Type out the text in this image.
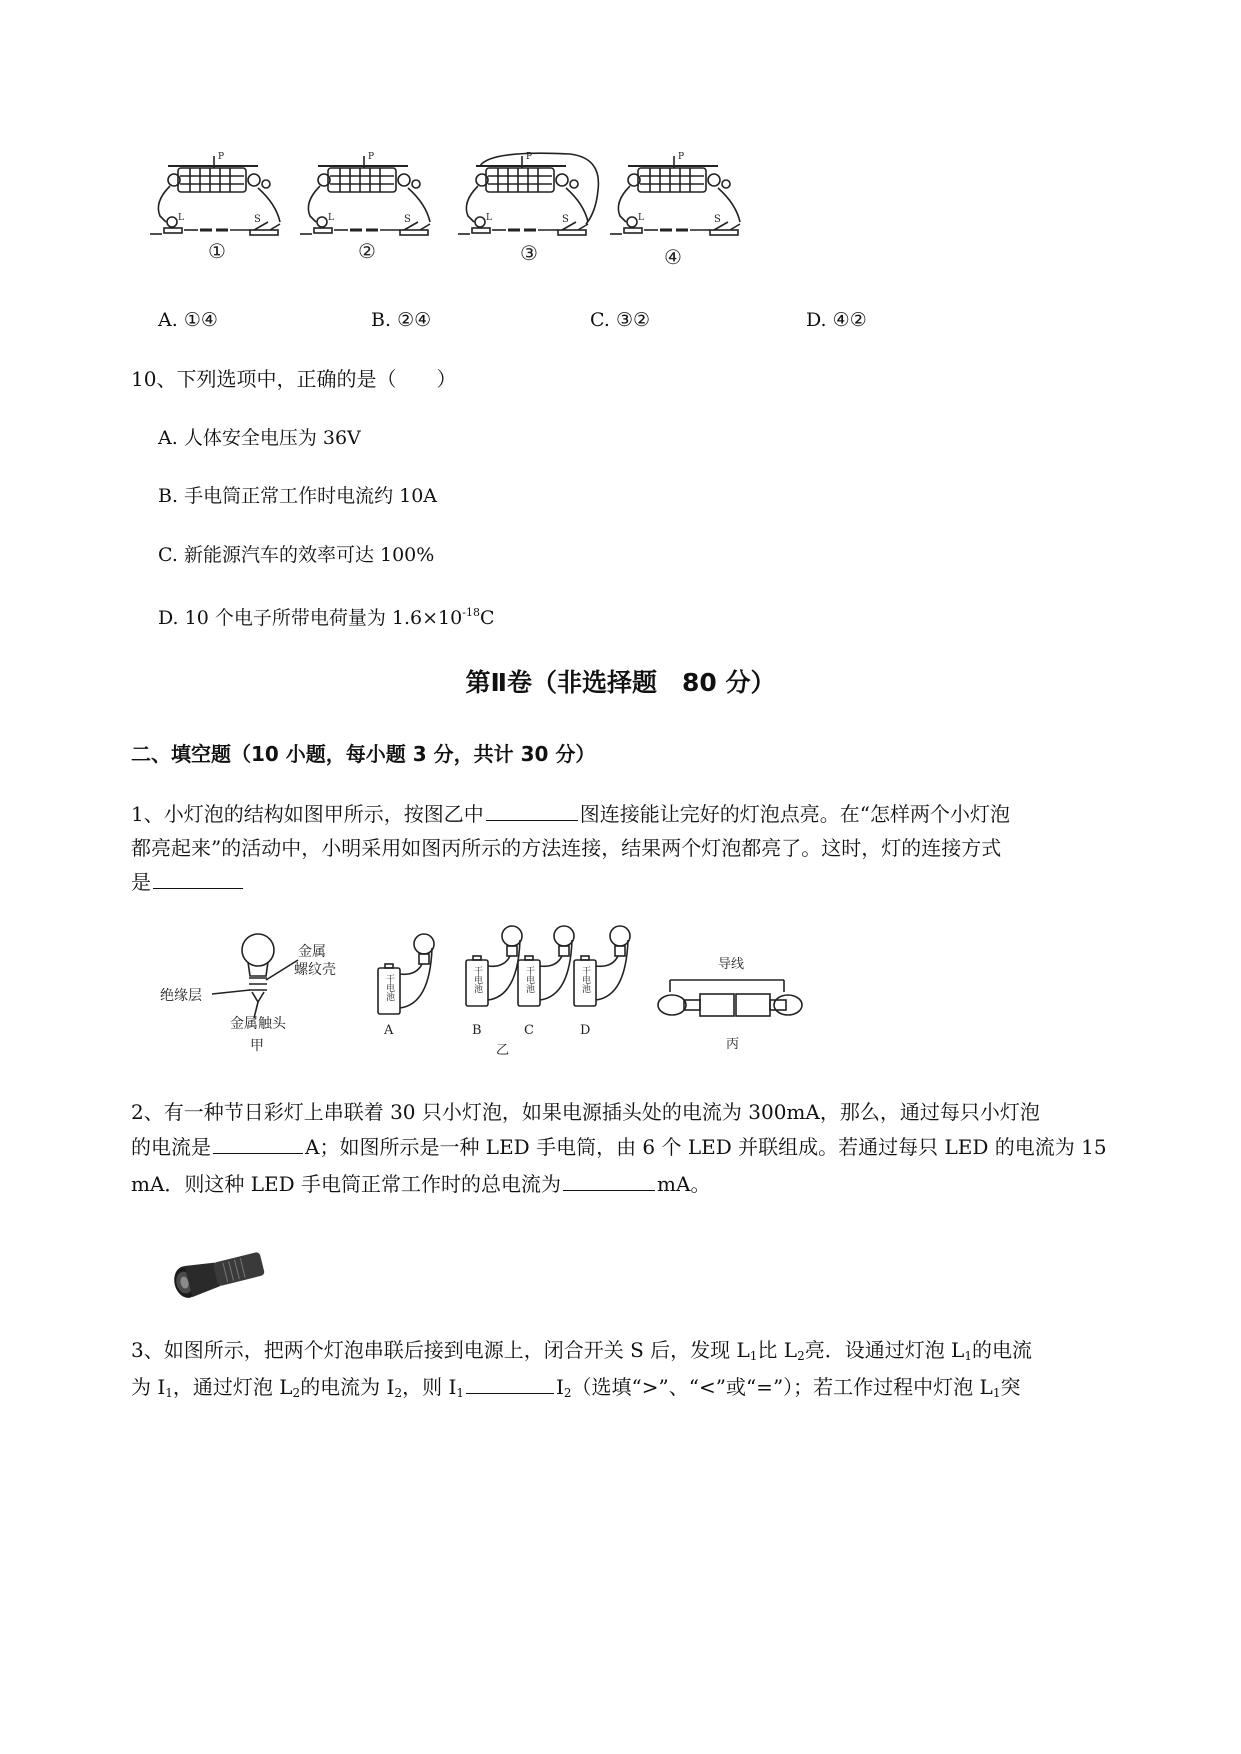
P
L	S
①	②	③	④
A. ①④	B. ②④	C. ③②	D. ④②
10、下列选项中，正确的是（　　）
A. 人体安全电压为 36V
B. 手电筒正常工作时电流约 10A
C. 新能源汽车的效率可达 100%
D. 10 个电子所带电荷量为 $1.6\times 10^{-18}C$
第Ⅱ卷（非选择题　80 分）
二、填空题（10 小题，每小题 3 分，共计 30 分）
1、小灯泡的结构如图甲所示，按图乙中	图连接能让完好的灯泡点亮。在“怎样两个小灯泡
都亮起来”的活动中，小明采用如图丙所示的方法连接，结果两个灯泡都亮了。这时，灯的连接方式
是
金属
螺纹壳
绝缘层
金属触头
甲
干电池	干电池	干电池	干电池
A	B	C	D
乙
导线
丙
2、有一种节日彩灯上串联着 30 只小灯泡，如果电源插头处的电流为 300mA，那么，通过每只小灯泡
的电流是	A；如图所示是一种 LED 手电筒，由 6 个 LED 并联组成。若通过每只 LED 的电流为 15
mA．则这种 LED 手电筒正常工作时的总电流为	mA。
3、如图所示，把两个灯泡串联后接到电源上，闭合开关 S 后，发现 $L_1$比 $L_2$亮．设通过灯泡 $L_1$的电流
为 $I_1$，通过灯泡 $L_2$的电流为 $I_2$，则 $I_1$	$I_2$（选填“>”、“<”或“=”）；若工作过程中灯泡 $L_1$突
